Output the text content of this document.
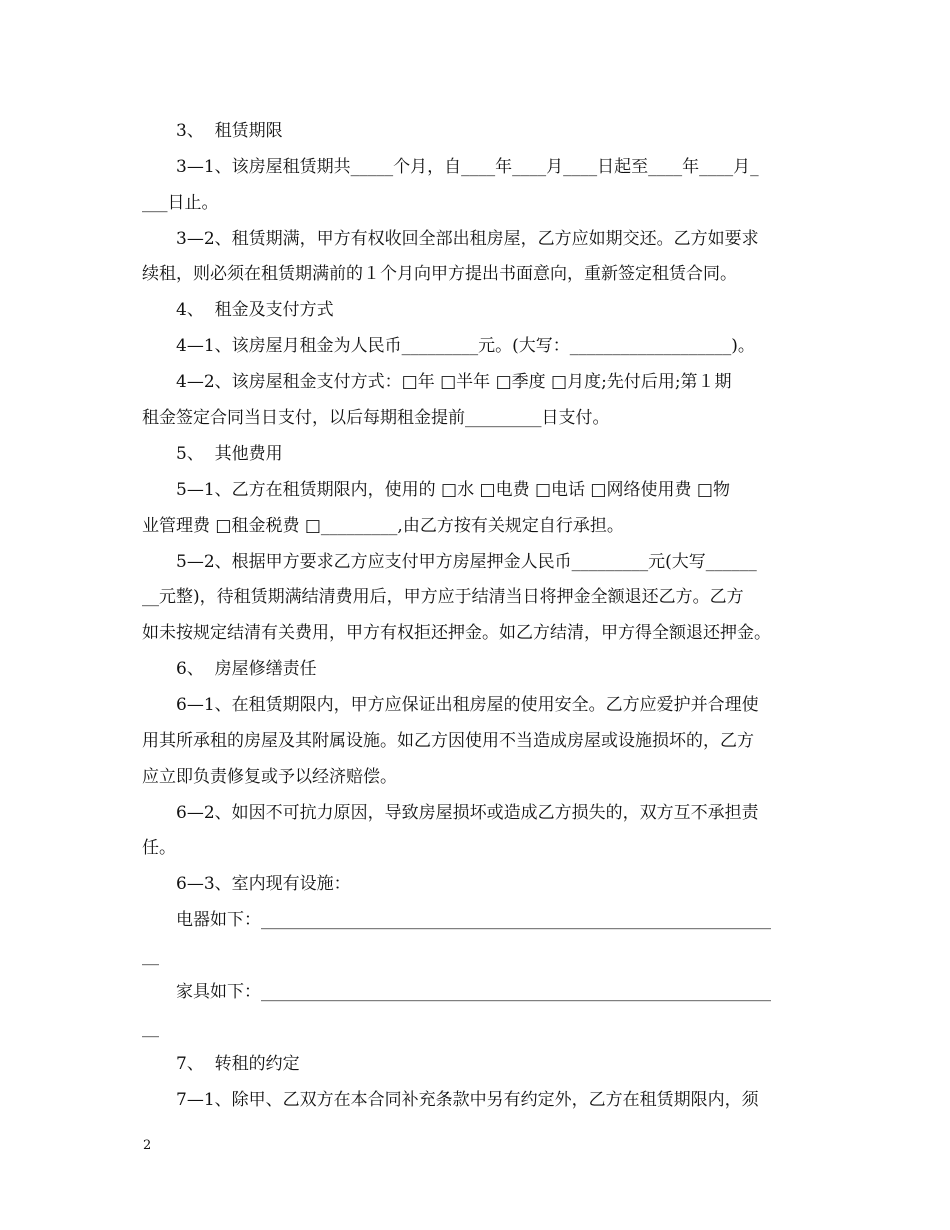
3、  租赁期限
3—1、该房屋租赁期共_____个月，自____年____月____日起至____年____月_
___日止。
3—2、租赁期满，甲方有权收回全部出租房屋，乙方应如期交还。乙方如要求
续租，则必须在租赁期满前的１个月向甲方提出书面意向，重新签定租赁合同。
4、  租金及支付方式
4—1、该房屋月租金为人民币_________元。(大写：___________________)。
4—2、该房屋租金支付方式：□年 □半年 □季度 □月度;先付后用;第１期
租金签定合同当日支付，以后每期租金提前_________日支付。
5、  其他费用
5—1、乙方在租赁期限内，使用的 □水 □电费 □电话 □网络使用费 □物
业管理费 □租金税费 □_________,由乙方按有关规定自行承担。
5—2、根据甲方要求乙方应支付甲方房屋押金人民币_________元(大写______
__元整)，待租赁期满结清费用后，甲方应于结清当日将押金全额退还乙方。乙方
如未按规定结清有关费用，甲方有权拒还押金。如乙方结清，甲方得全额退还押金。
6、  房屋修缮责任
6—1、在租赁期限内，甲方应保证出租房屋的使用安全。乙方应爱护并合理使
用其所承租的房屋及其附属设施。如乙方因使用不当造成房屋或设施损坏的，乙方
应立即负责修复或予以经济赔偿。
6—2、如因不可抗力原因，导致房屋损坏或造成乙方损失的，双方互不承担责
任。
6—3、室内现有设施：
电器如下：____________________________________________________________
__
家具如下：____________________________________________________________
__
7、  转租的约定
7—1、除甲、乙双方在本合同补充条款中另有约定外，乙方在租赁期限内，须
2
